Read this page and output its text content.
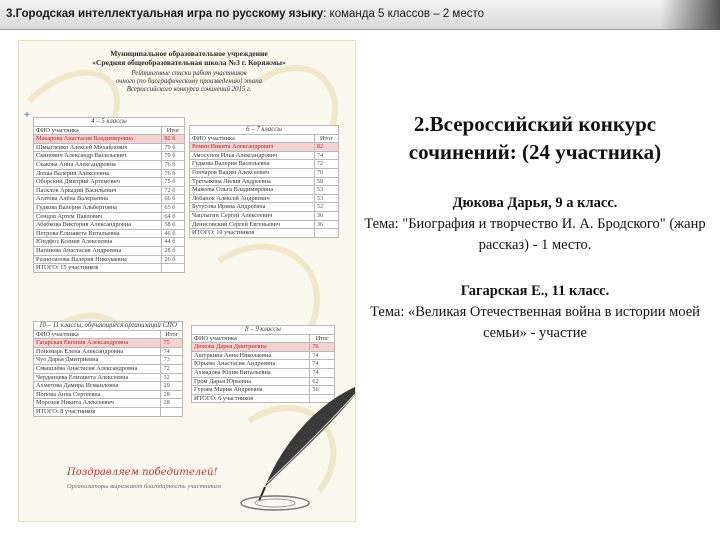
3.Городская интеллектуальная игра по русскому языку: команда 5 классов – 2 место
Муниципальное образовательное учреждение
«Средняя общеобразовательная школа №3 г. Коряжмы»
Рейтинговые списки работ участников
очного (по биографическому произведению) этапа
Всероссийского конкурса сочинений 2015 г.
4 – 5 классы	
ФИО участника	Итог
Макарова Анастасия Владимировна	82 б
Шмыгленко Алексей Михайлович	79 б
Скипович Александр Васильевич	79 б
Скакова Анна Александровна	76 б
Лопаа Валерия Алексеевна	76 б
Оборский Дмитрий Артемович	75 б
Пасклов Аркадий Васильевич	72 б
Агатова Алёна Валерьевна	66 б
Гудкова Валерия Альбертовна	65 б
Сенцов Артем Павлович	64 б
Абабкова Виктория Александровна	58 б
Петрова Елизавета Витальевна	46 б
Юндфоз Ксения Алексеевна	44 б
Наганова Анастасия Андреевна	28 б
Разносилова Валерия Николаевна	26 б
ИТОГО: 15 участников	
6 – 7 классы	
ФИО участника	Итог
Ремин Никита Александрович	82
Амосунов Илья Александрович	74
Гудкова Валерия Васильевна	72
Гончаров Вадим Алексеевич	70
Третьякова Лилия Андреевна	58
Макеева Ольга Владимировна	53
Лобанов Алексей Андреевич	53
Бутусова Ирина Андреевна	52
Чаплыгин Сергей Алексеевич	36
Денисовский Сергей Евгеньевич	36
ИТОГО: 10 участников	
10 – 11 классы, обучающиеся организаций СПО	
ФИО участника	Итог
Гагарская Евгения Александровна	75
Пономарь Елена Александровна	74
Чуо Дарья Дмитриевна	73
Смышлёва Анастасия Александровна	72
Черданцева Елизавета Алексеевна	32
Ахметова Дамира Исмаиловна	29
Попова Анна Сергеевна	28
Морозов Никита Алексеевич	28
ИТОГО: 8 участников	
8 – 9 классы	
ФИО участника	Итог
Дюкова Дарья Дмитриевна	76
Ашуркина Анна Николаевна	74
Юрьева Анастасия Андреевна	74
Ахмадова Юлия Витальевна	74
Гром Дарья Юрьевна	62
Гурова Мария Андреевна	56
ИТОГО: 6 участников	
Поздравляем победителей!
Организаторы выражают благодарность участникам
+	2.Всероссийский конкурс сочинений: (24 участника)
Дюкова Дарья, 9 а класс.
Тема: "Биография и творчество И. А. Бродского" (жанр рассказ) - 1 место.
Гагарская Е., 11 класс.
Тема: «Великая Отечественная война в истории моей семьи» - участие
